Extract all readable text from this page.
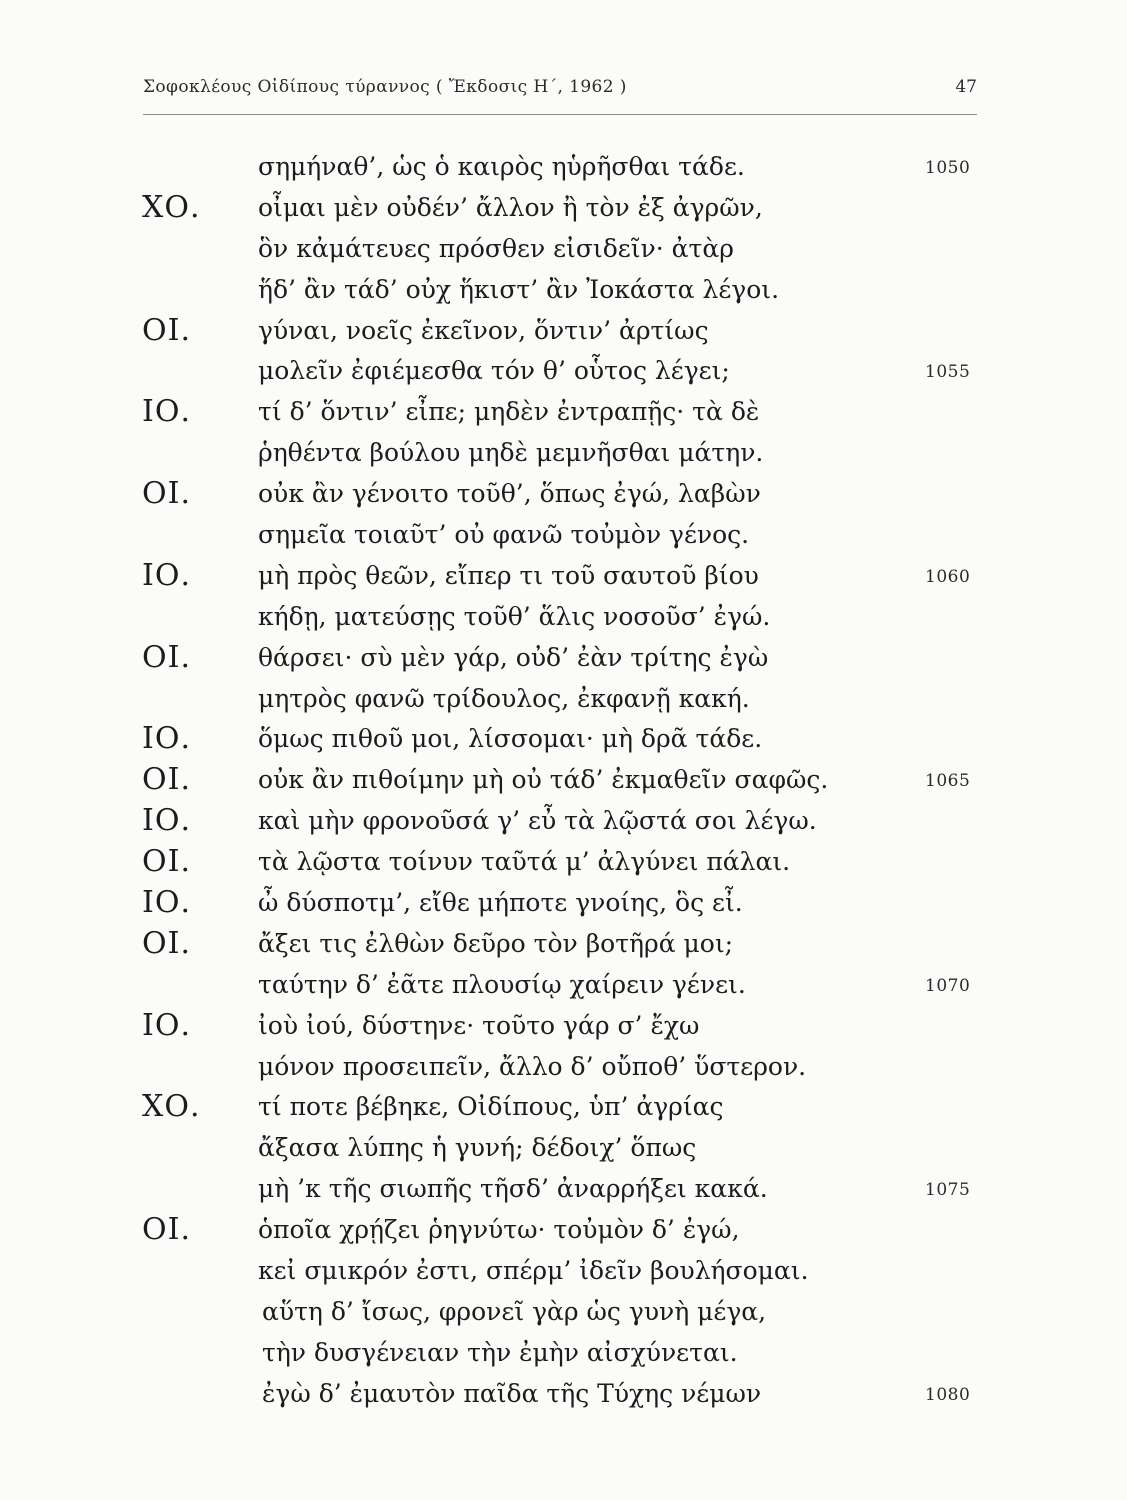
Σοφοκλέους Οἰδίπους τύραννος ( Ἔκδοσις Η΄, 1962 )	47
σημήναθ’, ὡς ὁ καιρὸς ηὑρῆσθαι τάδε.	1050
ΧΟ. οἶμαι μὲν οὐδέν’ ἄλλον ἢ τὸν ἐξ ἀγρῶν,
ὃν κἀμάτευες πρόσθεν εἰσιδεῖν· ἀτὰρ
ἥδ’ ἂν τάδ’ οὐχ ἥκιστ’ ἂν Ἰοκάστα λέγοι.
ΟΙ.	γύναι, νοεῖς ἐκεῖνον, ὅντιν’ ἀρτίως
μολεῖν ἐφιέμεσθα τόν θ’ οὗτος λέγει;	1055
ΙΟ.	τί δ’ ὅντιν’ εἶπε; μηδὲν ἐντραπῇς· τὰ δὲ
ῥηθέντα βούλου μηδὲ μεμνῆσθαι μάτην.
ΟΙ.	οὐκ ἂν γένοιτο τοῦθ’, ὅπως ἐγώ, λαβὼν
σημεῖα τοιαῦτ’ οὐ φανῶ τοὐμὸν γένος.
ΙΟ.	μὴ πρὸς θεῶν, εἴπερ τι τοῦ σαυτοῦ βίου	1060
κήδῃ, ματεύσῃς τοῦθ’ ἅλις νοσοῦσ’ ἐγώ.
ΟΙ.	θάρσει· σὺ μὲν γάρ, οὐδ’ ἐὰν τρίτης ἐγὼ
μητρὸς φανῶ τρίδουλος, ἐκφανῇ κακή.
ΙΟ.	ὅμως πιθοῦ μοι, λίσσομαι· μὴ δρᾶ τάδε.
ΟΙ.	οὐκ ἂν πιθοίμην μὴ οὐ τάδ’ ἐκμαθεῖν σαφῶς.	1065
ΙΟ.	καὶ μὴν φρονοῦσά γ’ εὖ τὰ λῷστά σοι λέγω.
ΟΙ.	τὰ λῷστα τοίνυν ταῦτά μ’ ἀλγύνει πάλαι.
ΙΟ.	ὦ δύσποτμ’, εἴθε μήποτε γνοίης, ὃς εἶ.
ΟΙ.	ἄξει τις ἐλθὼν δεῦρο τὸν βοτῆρά μοι;
ταύτην δ’ ἐᾶτε πλουσίῳ χαίρειν γένει.	1070
ΙΟ.	ἰοὺ ἰού, δύστηνε· τοῦτο γάρ σ’ ἔχω
μόνον προσειπεῖν, ἄλλο δ’ οὔποθ’ ὕστερον.
ΧΟ. τί ποτε βέβηκε, Οἰδίπους, ὑπ’ ἀγρίας
ἄξασα λύπης ἡ γυνή; δέδοιχ’ ὅπως
μὴ ’κ τῆς σιωπῆς τῆσδ’ ἀναρρήξει κακά.	1075
ΟΙ.	ὁποῖα χρῄζει ῥηγνύτω· τοὐμὸν δ’ ἐγώ,
κεἰ σμικρόν ἐστι, σπέρμ’ ἰδεῖν βουλήσομαι.
αὕτη δ’ ἴσως, φρονεῖ γὰρ ὡς γυνὴ μέγα,
τὴν δυσγένειαν τὴν ἐμὴν αἰσχύνεται.
ἐγὼ δ’ ἐμαυτὸν παῖδα τῆς Τύχης νέμων	1080
